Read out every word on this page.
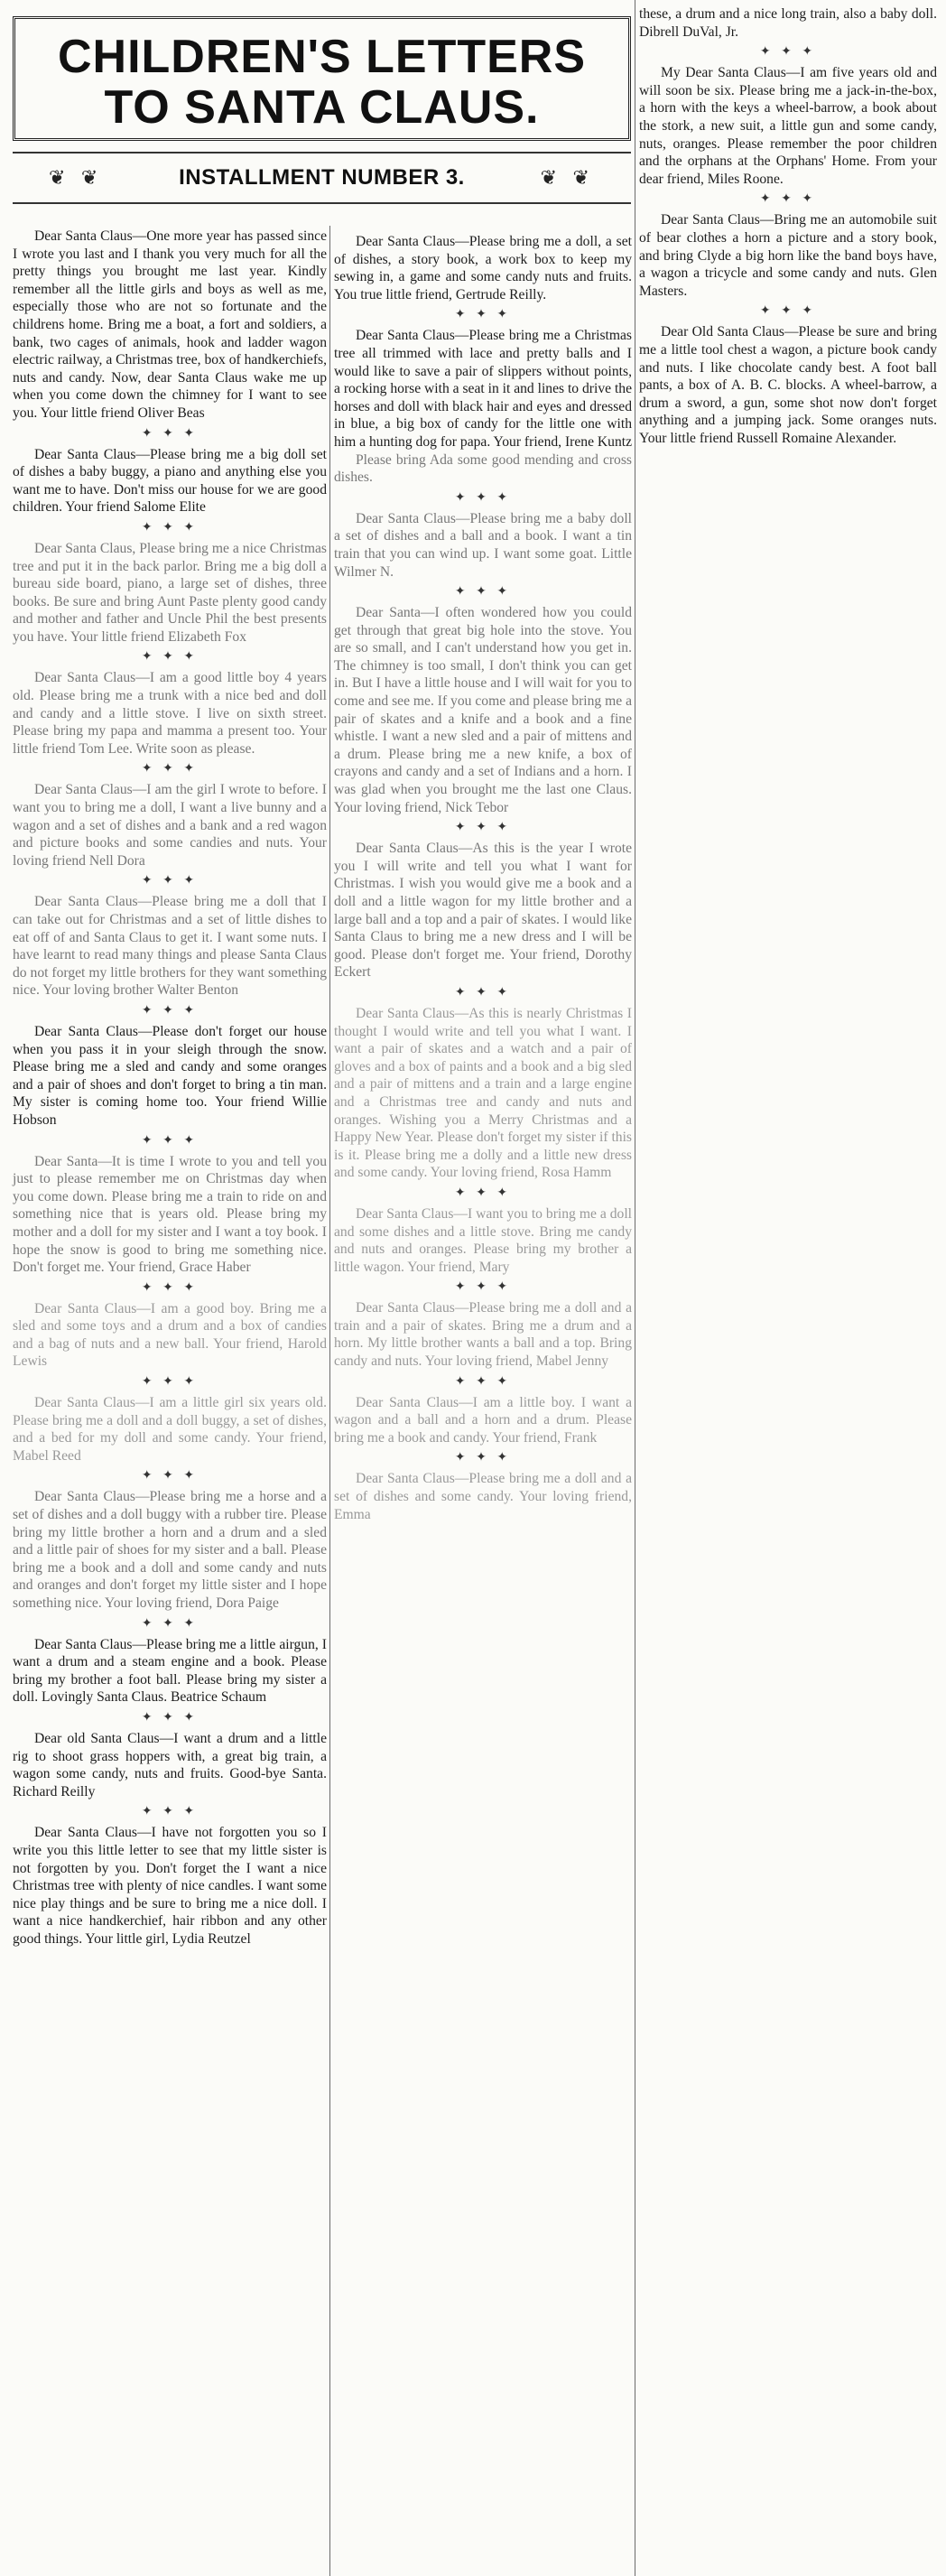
CHILDREN'S LETTERS

TO SANTA CLAUS.

❦ ❦	INSTALLMENT NUMBER 3.	❦ ❦

Dear Santa Claus—One more year has passed since I wrote you last and I thank you very much for all the pretty things you brought me last year. Kindly remember all the little girls and boys as well as me, especially those who are not so fortunate and the childrens home. Bring me a boat, a fort and soldiers, a bank, two cages of animals, hook and ladder wagon electric railway, a Christmas tree, box of handkerchiefs, nuts and candy. Now, dear Santa Claus wake me up when you come down the chimney for I want to see you. Your little friend Oliver Beas

✦ ✦ ✦

Dear Santa Claus—Please bring me a big doll set of dishes a baby buggy, a piano and anything else you want me to have. Don't miss our house for we are good children. Your friend Salome Elite

✦ ✦ ✦

Dear Santa Claus, Please bring me a nice Christmas tree and put it in the back parlor. Bring me a big doll a bureau side board, piano, a large set of dishes, three books. Be sure and bring Aunt Paste plenty good candy and mother and father and Uncle Phil the best presents you have. Your little friend Elizabeth Fox

✦ ✦ ✦

Dear Santa Claus—I am a good little boy 4 years old. Please bring me a trunk with a nice bed and doll and candy and a little stove. I live on sixth street. Please bring my papa and mamma a present too. Your little friend Tom Lee. Write soon as please.

✦ ✦ ✦

Dear Santa Claus—I am the girl I wrote to before. I want you to bring me a doll, I want a live bunny and a wagon and a set of dishes and a bank and a red wagon and picture books and some candies and nuts. Your loving friend Nell Dora

✦ ✦ ✦

Dear Santa Claus—Please bring me a doll that I can take out for Christmas and a set of little dishes to eat off of and Santa Claus to get it. I want some nuts. I have learnt to read many things and please Santa Claus do not forget my little brothers for they want something nice. Your loving brother Walter Benton

✦ ✦ ✦

Dear Santa Claus—Please don't forget our house when you pass it in your sleigh through the snow. Please bring me a sled and candy and some oranges and a pair of shoes and don't forget to bring a tin man. My sister is coming home too. Your friend Willie Hobson

✦ ✦ ✦

Dear Santa—It is time I wrote to you and tell you just to please remember me on Christmas day when you come down. Please bring me a train to ride on and something nice that is years old. Please bring my mother and a doll for my sister and I want a toy book. I hope the snow is good to bring me something nice. Don't forget me. Your friend, Grace Haber

✦ ✦ ✦

Dear Santa Claus—I am a good boy. Bring me a sled and some toys and a drum and a box of candies and a bag of nuts and a new ball. Your friend, Harold Lewis

✦ ✦ ✦

Dear Santa Claus—I am a little girl six years old. Please bring me a doll and a doll buggy, a set of dishes, and a bed for my doll and some candy. Your friend, Mabel Reed

✦ ✦ ✦

Dear Santa Claus—Please bring me a horse and a set of dishes and a doll buggy with a rubber tire. Please bring my little brother a horn and a drum and a sled and a little pair of shoes for my sister and a ball. Please bring me a book and a doll and some candy and nuts and oranges and don't forget my little sister and I hope something nice. Your loving friend, Dora Paige

✦ ✦ ✦

Dear Santa Claus—Please bring me a little airgun, I want a drum and a steam engine and a book. Please bring my brother a foot ball. Please bring my sister a doll. Lovingly Santa Claus. Beatrice Schaum

✦ ✦ ✦

Dear old Santa Claus—I want a drum and a little rig to shoot grass hoppers with, a great big train, a wagon some candy, nuts and fruits. Good-bye Santa. Richard Reilly

✦ ✦ ✦

Dear Santa Claus—I have not forgotten you so I write you this little letter to see that my little sister is not forgotten by you. Don't forget the I want a nice Christmas tree with plenty of nice candles. I want some nice play things and be sure to bring me a nice doll. I want a nice handkerchief, hair ribbon and any other good things. Your little girl, Lydia Reutzel

Dear Santa Claus—Please bring me a doll, a set of dishes, a story book, a work box to keep my sewing in, a game and some candy nuts and fruits. You true little friend, Gertrude Reilly.

✦ ✦ ✦

Dear Santa Claus—Please bring me a Christmas tree all trimmed with lace and pretty balls and I would like to save a pair of slippers without points, a rocking horse with a seat in it and lines to drive the horses and doll with black hair and eyes and dressed in blue, a big box of candy for the little one with him a hunting dog for papa. Your friend, Irene Kuntz

Please bring Ada some good mending and cross dishes.

✦ ✦ ✦

Dear Santa Claus—Please bring me a baby doll a set of dishes and a ball and a book. I want a tin train that you can wind up. I want some goat. Little Wilmer N.

✦ ✦ ✦

Dear Santa—I often wondered how you could get through that great big hole into the stove. You are so small, and I can't understand how you get in. The chimney is too small, I don't think you can get in. But I have a little house and I will wait for you to come and see me. If you come and please bring me a pair of skates and a knife and a book and a fine whistle. I want a new sled and a pair of mittens and a drum. Please bring me a new knife, a box of crayons and candy and a set of Indians and a horn. I was glad when you brought me the last one Claus. Your loving friend, Nick Tebor

✦ ✦ ✦

Dear Santa Claus—As this is the year I wrote you I will write and tell you what I want for Christmas. I wish you would give me a book and a doll and a little wagon for my little brother and a large ball and a top and a pair of skates. I would like Santa Claus to bring me a new dress and I will be good. Please don't forget me. Your friend, Dorothy Eckert

✦ ✦ ✦

Dear Santa Claus—As this is nearly Christmas I thought I would write and tell you what I want. I want a pair of skates and a watch and a pair of gloves and a box of paints and a book and a big sled and a pair of mittens and a train and a large engine and a Christmas tree and candy and nuts and oranges. Wishing you a Merry Christmas and a Happy New Year. Please don't forget my sister if this is it. Please bring me a dolly and a little new dress and some candy. Your loving friend, Rosa Hamm

✦ ✦ ✦

Dear Santa Claus—I want you to bring me a doll and some dishes and a little stove. Bring me candy and nuts and oranges. Please bring my brother a little wagon. Your friend, Mary

✦ ✦ ✦

Dear Santa Claus—Please bring me a doll and a train and a pair of skates. Bring me a drum and a horn. My little brother wants a ball and a top. Bring candy and nuts. Your loving friend, Mabel Jenny

✦ ✦ ✦

Dear Santa Claus—I am a little boy. I want a wagon and a ball and a horn and a drum. Please bring me a book and candy. Your friend, Frank

✦ ✦ ✦

Dear Santa Claus—Please bring me a doll and a set of dishes and some candy. Your loving friend, Emma

these, a drum and a nice long train, also a baby doll. Dibrell DuVal, Jr.

✦ ✦ ✦

My Dear Santa Claus—I am five years old and will soon be six. Please bring me a jack-in-the-box, a horn with the keys a wheel-barrow, a book about the stork, a new suit, a little gun and some candy, nuts, oranges. Please remember the poor children and the orphans at the Orphans' Home. From your dear friend, Miles Roone.

✦ ✦ ✦

Dear Santa Claus—Bring me an automobile suit of bear clothes a horn a picture and a story book, and bring Clyde a big horn like the band boys have, a wagon a tricycle and some candy and nuts. Glen Masters.

✦ ✦ ✦

Dear Old Santa Claus—Please be sure and bring me a little tool chest a wagon, a picture book candy and nuts. I like chocolate candy best. A foot ball pants, a box of A. B. C. blocks. A wheel-barrow, a drum a sword, a gun, some shot now don't forget anything and a jumping jack. Some oranges nuts. Your little friend Russell Romaine Alexander.
